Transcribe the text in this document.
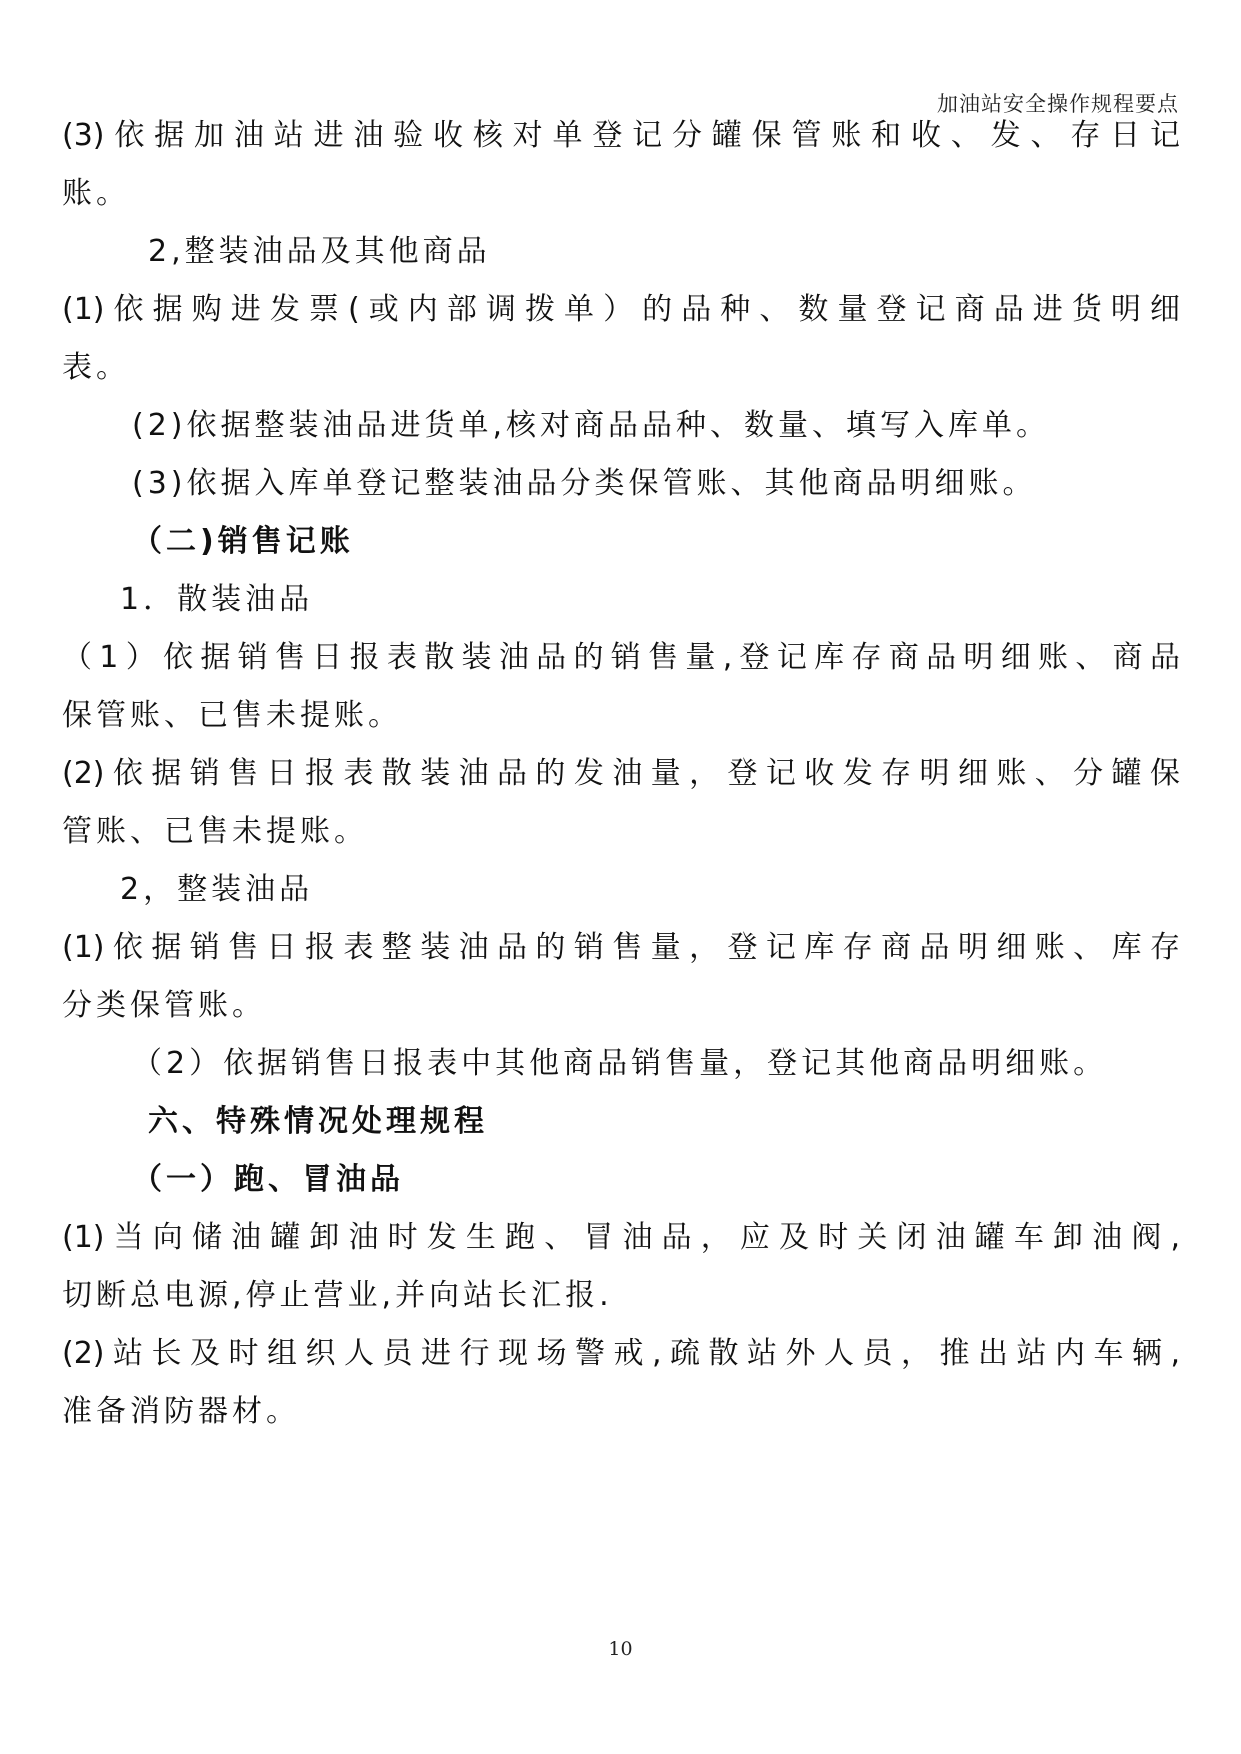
加油站安全操作规程要点
(3)依据加油站进油验收核对单登记分罐保管账和收、发、存日记
账。
2,整装油品及其他商品
(1)依据购进发票(或内部调拨单）的品种、数量登记商品进货明细
表。
(2)依据整装油品进货单,核对商品品种、数量、填写入库单。
(3)依据入库单登记整装油品分类保管账、其他商品明细账。
（二)销售记账
1．散装油品
（1）依据销售日报表散装油品的销售量,登记库存商品明细账、商品
保管账、已售未提账。
(2)依据销售日报表散装油品的发油量，登记收发存明细账、分罐保
管账、已售未提账。
2，整装油品
(1)依据销售日报表整装油品的销售量，登记库存商品明细账、库存
分类保管账。
（2）依据销售日报表中其他商品销售量，登记其他商品明细账。
六、特殊情况处理规程
（一）跑、冒油品
(1)当向储油罐卸油时发生跑、冒油品，应及时关闭油罐车卸油阀,
切断总电源,停止营业,并向站长汇报.
(2)站长及时组织人员进行现场警戒,疏散站外人员，推出站内车辆,
准备消防器材。
10
